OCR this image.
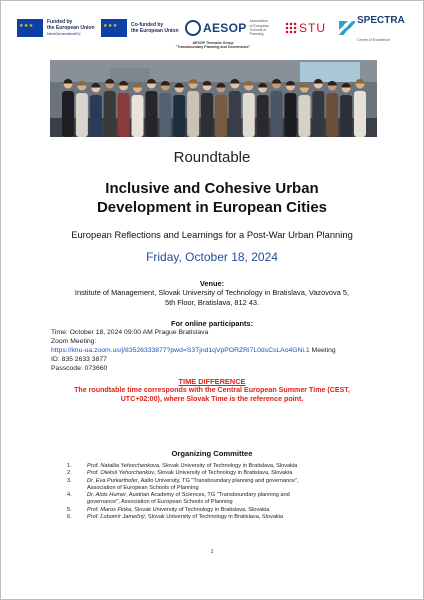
★ ★ ★
Funded by
the European Union
NextGenerationEU
★ ★ ★
Co-funded by
the European Union AESOP Association
of European
Schools of
Planning
AESOP Thematic Group
"Transboundary Planning and Governance"
STU
SPECTRA
Centre of Excellence
Roundtable
Inclusive and Cohesive Urban
Development in European Cities
European Reflections and Learnings for a Post-War Urban Planning
Friday, October 18, 2024
Venue:
Institute of Management, Slovak University of Technology in Bratislava, Vazovova 5,
5th Floor, Bratislava, 812 43.
For online participants:
Time: October 18, 2024 09:00 AM Prague Bratislava
Zoom Meeting:
https://knu-ua.zoom.us/j/83526333877?pwd=S3Tjnd1qVpPORZRi7L0dsCsLAo4GNi.1 Meeting
ID: 835 2633 3877
Passcode: 073660
TIME DIFFERENCE
The roundtable time corresponds with the Central European Summer Time (CEST,
UTC+02:00), where Slovak Time is the reference point.
Organizing Committee
1.	Prof. Nataliia Yehorchenkova, Slovak University of Technology in Bratislava, Slovakia
2.	Prof. Oleksii Yehorchenkov, Slovak University of Technology in Bratislava, Slovakia
3.	Dr. Eva Purkarthofer, Aalto University, TG "Transboundary planning and governance",
Association of European Schools of Planning
4.	Dr. Alois Humer, Austrian Academy of Sciences, TG "Transboundary planning and
governance", Association of European Schools of Planning
5.	Prof. Maros Finka, Slovak University of Technology in Bratislava, Slovakia
6.	Prof. Ľubomír Jamečný, Slovak University of Technology in Bratislava, Slovakia
1
